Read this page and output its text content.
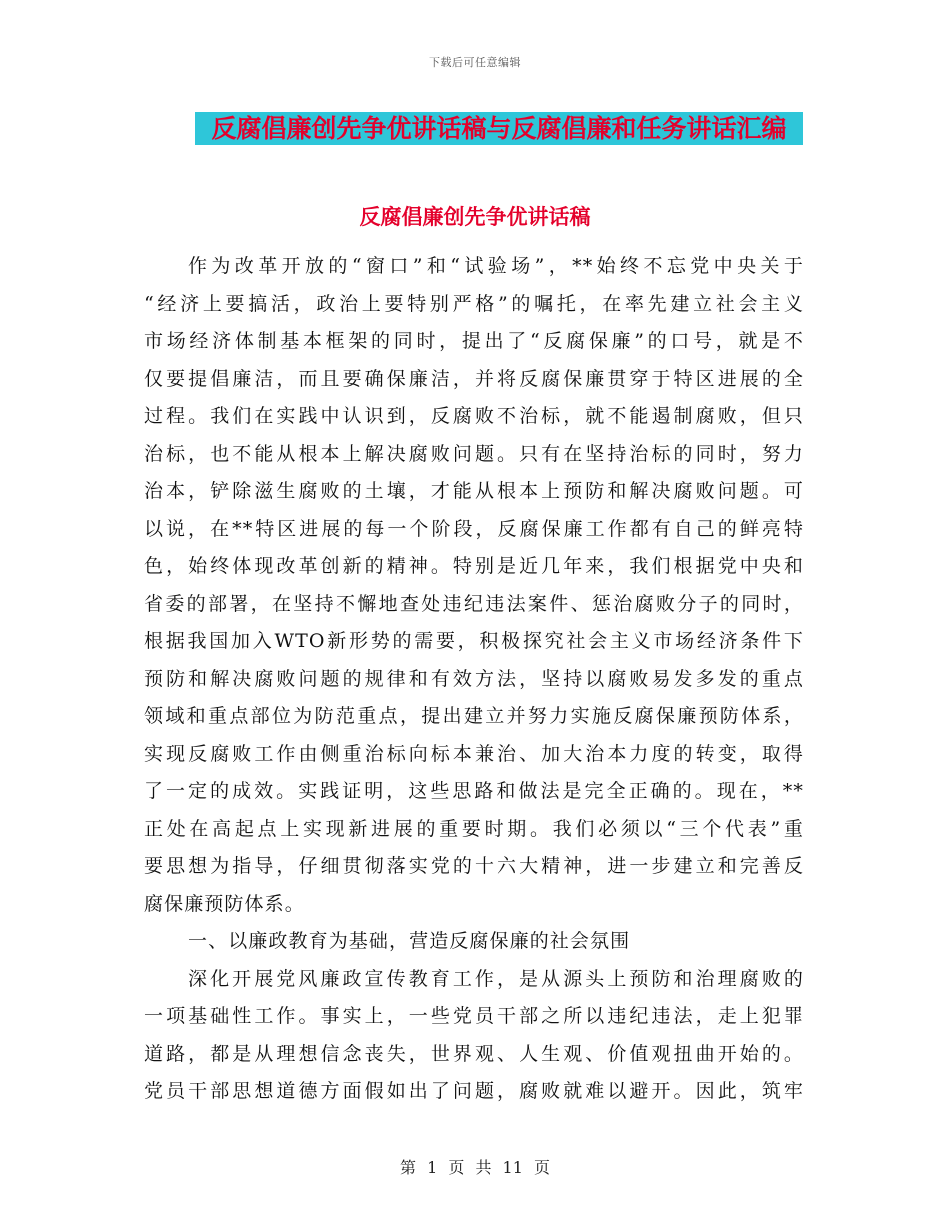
下载后可任意编辑
反腐倡廉创先争优讲话稿与反腐倡廉和任务讲话汇编
反腐倡廉创先争优讲话稿
作为改革开放的“窗口”和“试验场”，**始终不忘党中央关于
“经济上要搞活，政治上要特别严格”的嘱托，在率先建立社会主义
市场经济体制基本框架的同时，提出了“反腐保廉”的口号，就是不
仅要提倡廉洁，而且要确保廉洁，并将反腐保廉贯穿于特区进展的全
过程。我们在实践中认识到，反腐败不治标，就不能遏制腐败，但只
治标，也不能从根本上解决腐败问题。只有在坚持治标的同时，努力
治本，铲除滋生腐败的土壤，才能从根本上预防和解决腐败问题。可
以说，在**特区进展的每一个阶段，反腐保廉工作都有自己的鲜亮特
色，始终体现改革创新的精神。特别是近几年来，我们根据党中央和
省委的部署，在坚持不懈地查处违纪违法案件、惩治腐败分子的同时，
根据我国加入WTO新形势的需要，积极探究社会主义市场经济条件下
预防和解决腐败问题的规律和有效方法，坚持以腐败易发多发的重点
领域和重点部位为防范重点，提出建立并努力实施反腐保廉预防体系，
实现反腐败工作由侧重治标向标本兼治、加大治本力度的转变，取得
了一定的成效。实践证明，这些思路和做法是完全正确的。现在，**
正处在高起点上实现新进展的重要时期。我们必须以“三个代表”重
要思想为指导，仔细贯彻落实党的十六大精神，进一步建立和完善反
腐保廉预防体系。
一、以廉政教育为基础，营造反腐保廉的社会氛围
深化开展党风廉政宣传教育工作，是从源头上预防和治理腐败的
一项基础性工作。事实上，一些党员干部之所以违纪违法，走上犯罪
道路，都是从理想信念丧失，世界观、人生观、价值观扭曲开始的。
党员干部思想道德方面假如出了问题，腐败就难以避开。因此，筑牢
第 1 页 共 11 页
